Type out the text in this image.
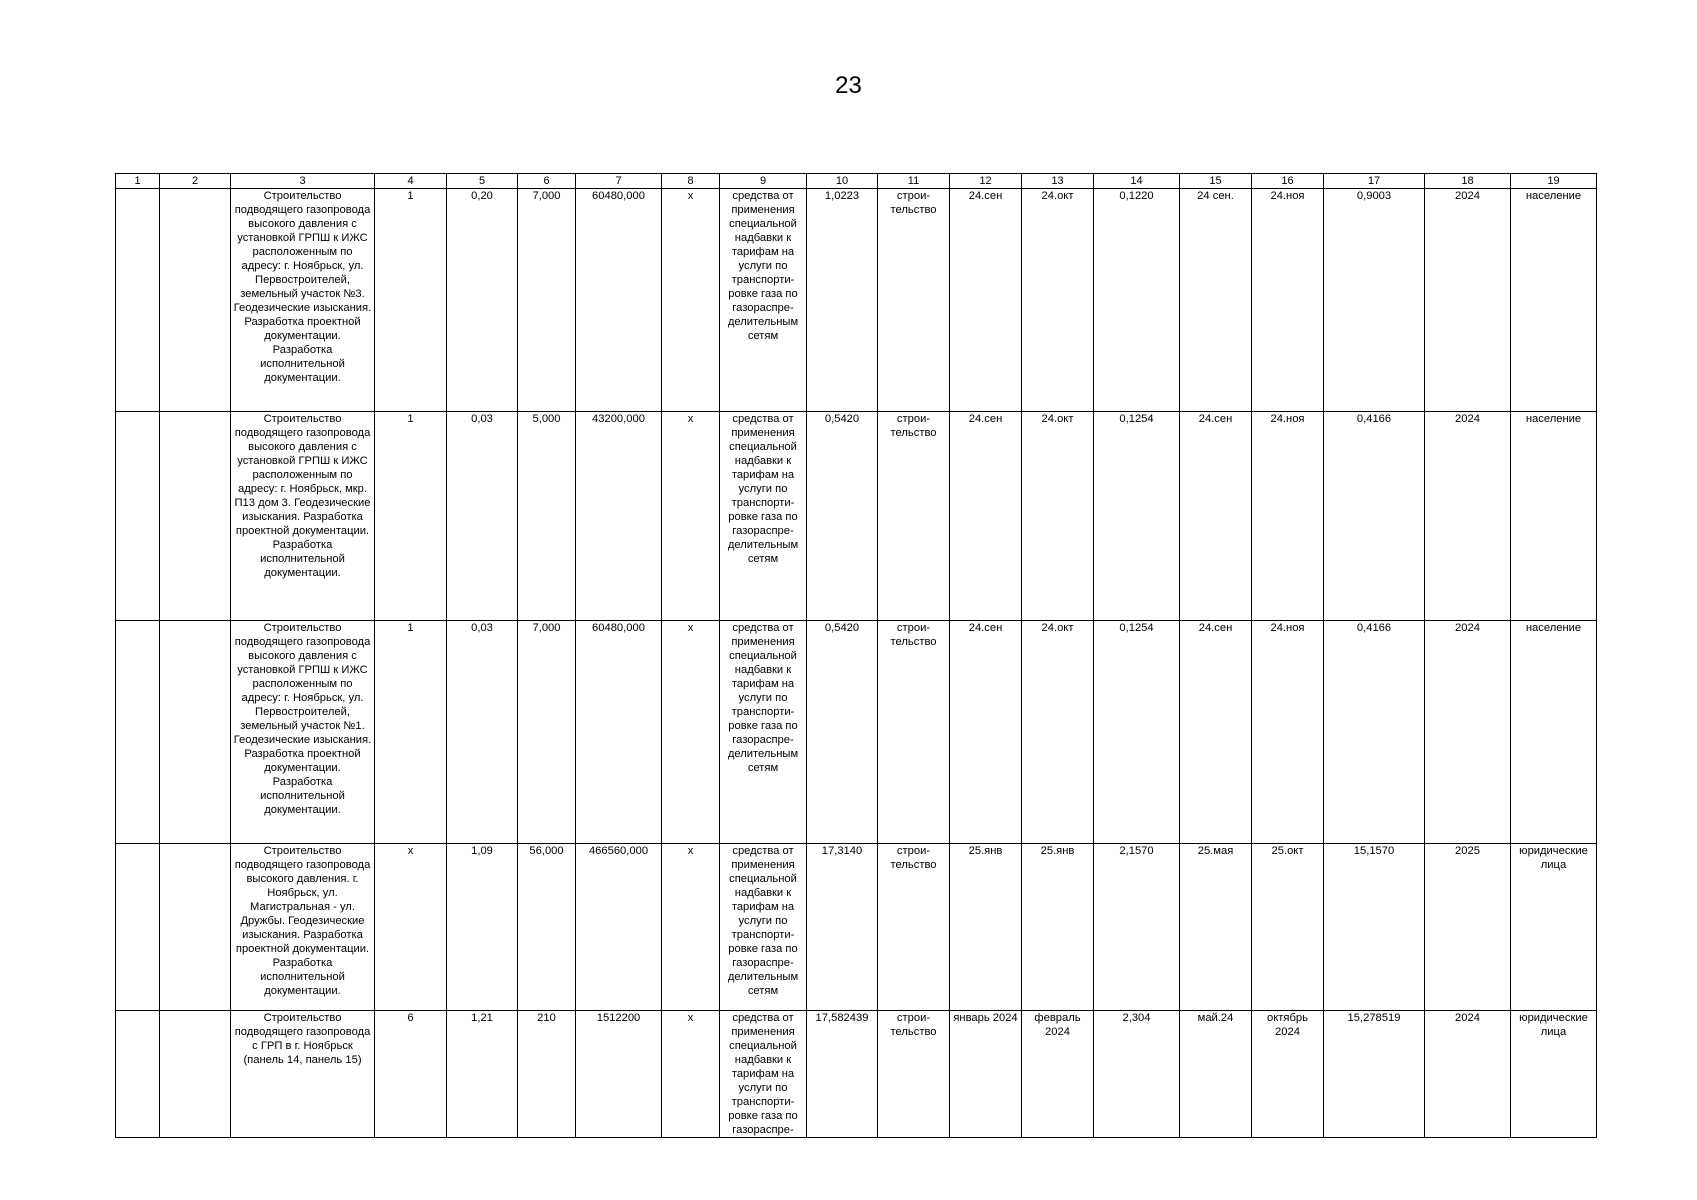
23
1	2	3	4	5	6	7	8	9	10	11	12	13	14	15	16	17	18	19
		Строительство подводящего газопровода высокого давления с установкой ГРПШ к ИЖС расположенным по адресу: г. Ноябрьск, ул. Первостроителей, земельный участок №3. Геодезические изыскания. Разработка проектной документации. Разработка исполнительной документации.	1	0,20	7,000	60480,000	х	средства от применения специальной надбавки к тарифам на услуги по транспорти-ровке газа по газораспре-делительным сетям	1,0223	строи-тельство	24.сен	24.окт	0,1220	24 сен.	24.ноя	0,9003	2024	население
		Строительство подводящего газопровода высокого давления с установкой ГРПШ к ИЖС расположенным по адресу: г. Ноябрьск, мкр. П13 дом 3. Геодезические изыскания. Разработка проектной документации. Разработка исполнительной документации.	1	0,03	5,000	43200,000	х	средства от применения специальной надбавки к тарифам на услуги по транспорти-ровке газа по газораспре-делительным сетям	0,5420	строи-тельство	24.сен	24.окт	0,1254	24.сен	24.ноя	0,4166	2024	население
		Строительство подводящего газопровода высокого давления с установкой ГРПШ к ИЖС расположенным по адресу: г. Ноябрьск, ул. Первостроителей, земельный участок №1. Геодезические изыскания. Разработка проектной документации. Разработка исполнительной документации.	1	0,03	7,000	60480,000	х	средства от применения специальной надбавки к тарифам на услуги по транспорти-ровке газа по газораспре-делительным сетям	0,5420	строи-тельство	24.сен	24.окт	0,1254	24.сен	24.ноя	0,4166	2024	население
		Строительство подводящего газопровода высокого давления. г. Ноябрьск, ул. Магистральная - ул. Дружбы. Геодезические изыскания. Разработка проектной документации. Разработка исполнительной документации.	х	1,09	56,000	466560,000	х	средства от применения специальной надбавки к тарифам на услуги по транспорти-ровке газа по газораспре-делительным сетям	17,3140	строи-тельство	25.янв	25.янв	2,1570	25.мая	25.окт	15,1570	2025	юридические лица
		Строительство подводящего газопровода с ГРП в г. Ноябрьск (панель 14, панель 15)	6	1,21	210	1512200	х	средства от применения специальной надбавки к тарифам на услуги по транспорти-ровке газа по газораспре-	17,582439	строи-тельство	январь 2024	февраль 2024	2,304	май.24	октябрь 2024	15,278519	2024	юридические лица
